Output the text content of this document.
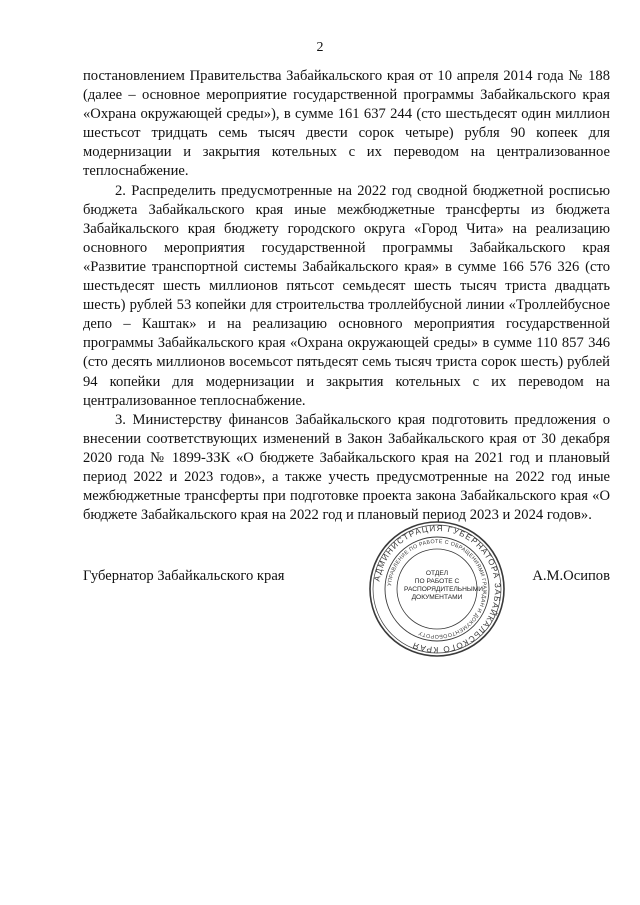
2

постановлением Правительства Забайкальского края от 10 апреля 2014 года № 188 (далее – основное мероприятие государственной программы Забайкальского края «Охрана окружающей среды»), в сумме 161 637 244 (сто шестьдесят один миллион шестьсот тридцать семь тысяч двести сорок четыре) рубля 90 копеек для модернизации и закрытия котельных с их переводом на централизованное теплоснабжение.

2. Распределить предусмотренные на 2022 год сводной бюджетной росписью бюджета Забайкальского края иные межбюджетные трансферты из бюджета Забайкальского края бюджету городского округа «Город Чита» на реализацию основного мероприятия государственной программы Забайкальского края «Развитие транспортной системы Забайкальского края» в сумме 166 576 326 (сто шестьдесят шесть миллионов пятьсот семьдесят шесть тысяч триста двадцать шесть) рублей 53 копейки для строительства троллейбусной линии «Троллейбусное депо – Каштак» и на реализацию основного мероприятия государственной программы Забайкальского края «Охрана окружающей среды» в сумме 110 857 346 (сто десять миллионов восемьсот пятьдесят семь тысяч триста сорок шесть) рублей 94 копейки для модернизации и закрытия котельных с их переводом на централизованное теплоснабжение.

3. Министерству финансов Забайкальского края подготовить предложения о внесении соответствующих изменений в Закон Забайкальского края от 30 декабря 2020 года № 1899-ЗЗК «О бюджете Забайкальского края на 2021 год и плановый период 2022 и 2023 годов», а также учесть предусмотренные на 2022 год иные межбюджетные трансферты при подготовке проекта закона Забайкальского края «О бюджете Забайкальского края на 2022 год и плановый период 2023 и 2024 годов».

Губернатор Забайкальского края	А.М.Осипов
АДМИНИСТРАЦИЯ ГУБЕРНАТОРА ЗАБАЙКАЛЬСКОГО КРАЯ
УПРАВЛЕНИЕ ПО РАБОТЕ С ОБРАЩЕНИЯМИ ГРАЖДАН И ДОКУМЕНТООБОРОТУ
ОТДЕЛ
ПО РАБОТЕ С
РАСПОРЯДИТЕЛЬНЫМИ
ДОКУМЕНТАМИ
